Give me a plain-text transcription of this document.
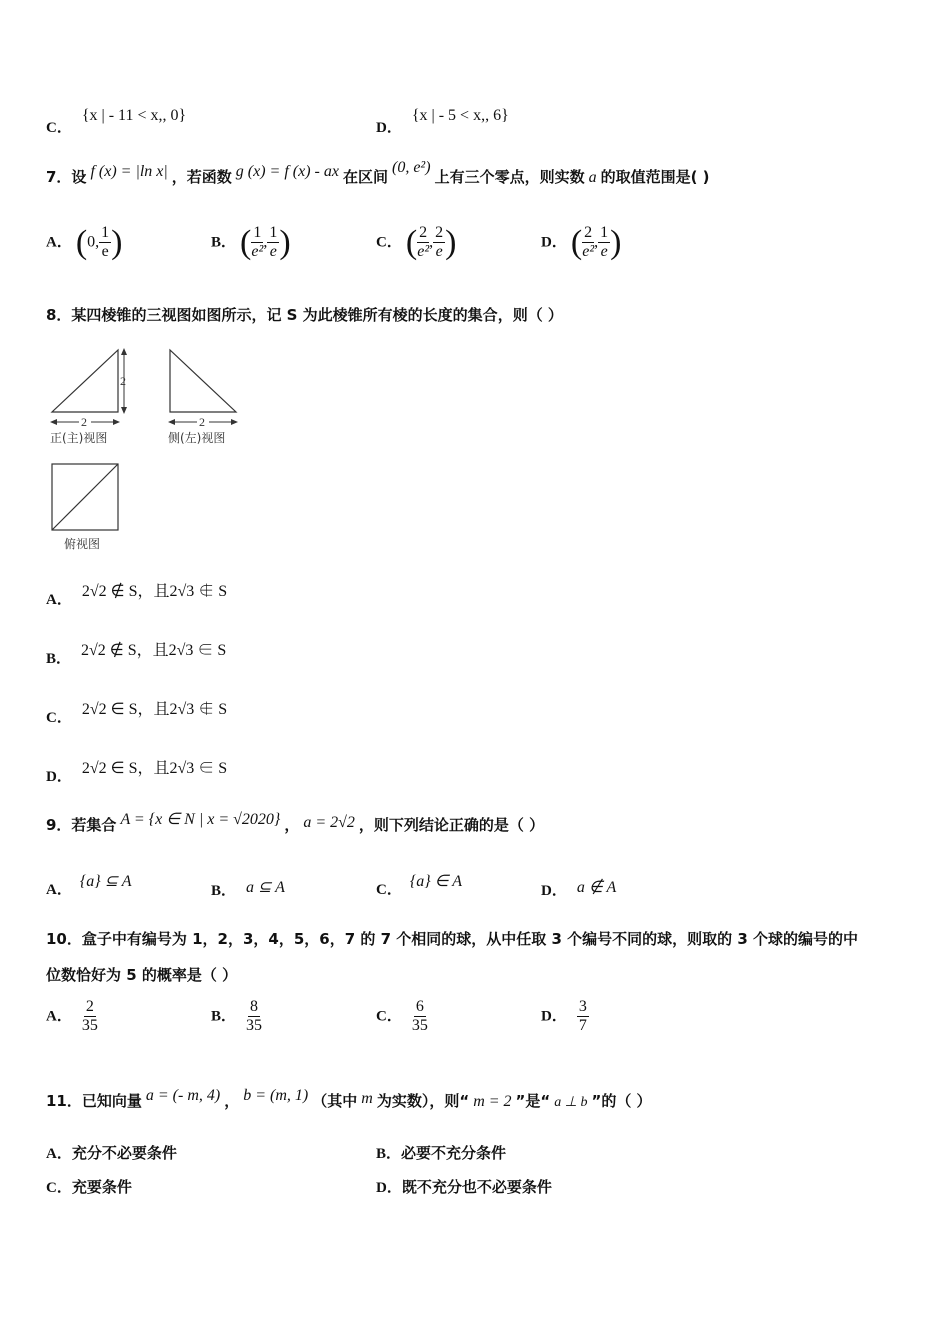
C． {x | - 11 < x,, 0}
D． {x | - 5 < x,, 6}
7．设 f (x) = |ln x| ，若函数 g (x) = f (x) - ax 在区间 (0, e²) 上有三个零点，则实数 a 的取值范围是( )
A． (0, $\frac{1}{e}$ )	B． ( $\frac{1}{\text{e²}}$ , $\frac{1}{e}$ )	C． ( $\frac{2}{\text{e²}}$ , $\frac{2}{e}$ )	D． ( $\frac{2}{\text{e²}}$ , $\frac{1}{e}$ )
8．某四棱锥的三视图如图所示，记 S 为此棱锥所有棱的长度的集合，则（ ）
2
2
正(主)视图
2
侧(左)视图
俯视图
A． 2√2 ∉ S，且2√3 ∉ S
B． 2√2 ∉ S，且2√3 ∈ S
C． 2√2 ∈ S，且2√3 ∉ S
D． 2√2 ∈ S，且2√3 ∈ S
9．若集合 A = {x ∈ N | x = √2020} ， a = 2√2 ，则下列结论正确的是（ ）
A． {a} ⊆ A
B． a ⊆ A	C． {a} ∈ A
D． a ∉ A
10．盒子中有编号为 1，2，3，4，5，6，7 的 7 个相同的球，从中任取 3 个编号不同的球，则取的 3 个球的编号的中
位数恰好为 5 的概率是（ ）
A． $\frac{2}{35}$	B． $\frac{8}{35}$	C． $\frac{6}{35}$	D． $\frac{3}{7}$
11．已知向量 a = (- m, 4) ， b = (m, 1) （其中 m 为实数），则“ m = 2 ”是“ a ⊥ b ”的（ ）
A．充分不必要条件	B．必要不充分条件
C．充要条件	D．既不充分也不必要条件
